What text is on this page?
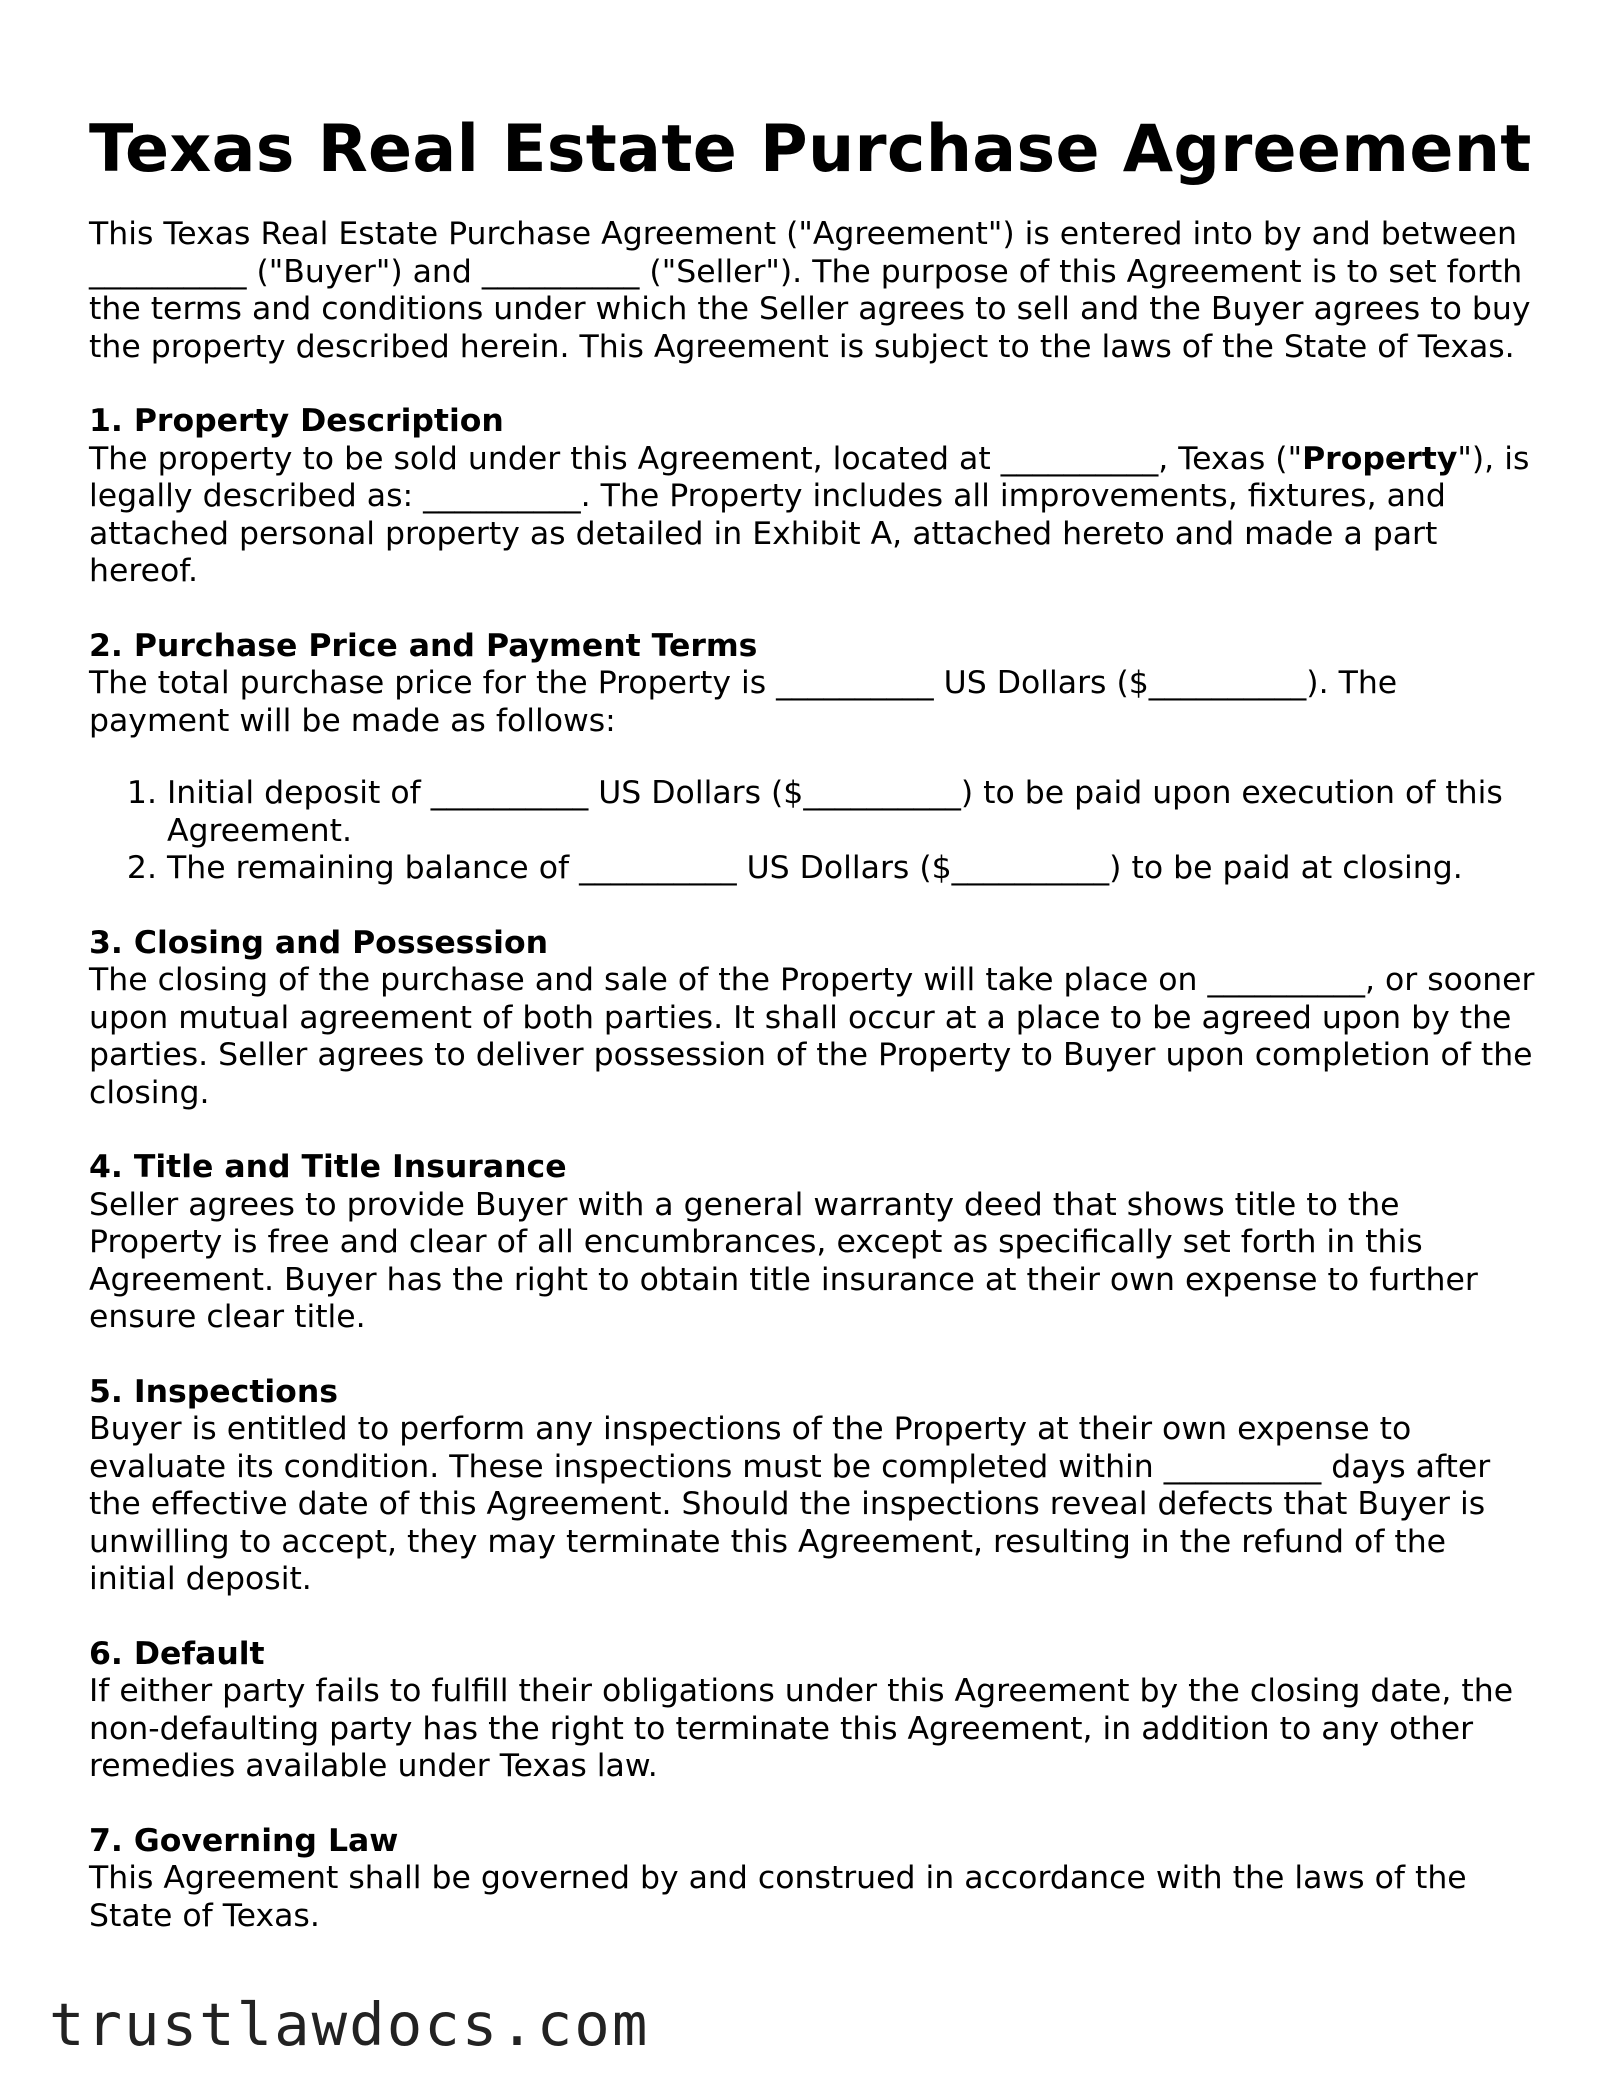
Texas Real Estate Purchase Agreement

This Texas Real Estate Purchase Agreement ("Agreement") is entered into by and between __________ ("Buyer") and __________ ("Seller"). The purpose of this Agreement is to set forth the terms and conditions under which the Seller agrees to sell and the Buyer agrees to buy the property described herein. This Agreement is subject to the laws of the State of Texas.

1. Property Description

The property to be sold under this Agreement, located at __________, Texas ("Property"), is legally described as: __________. The Property includes all improvements, fixtures, and attached personal property as detailed in Exhibit A, attached hereto and made a part hereof.

2. Purchase Price and Payment Terms

The total purchase price for the Property is __________ US Dollars ($__________). The payment will be made as follows:

1. Initial deposit of __________ US Dollars ($__________) to be paid upon execution of this Agreement.
2. The remaining balance of __________ US Dollars ($__________) to be paid at closing.
3. Closing and Possession

The closing of the purchase and sale of the Property will take place on __________, or sooner upon mutual agreement of both parties. It shall occur at a place to be agreed upon by the parties. Seller agrees to deliver possession of the Property to Buyer upon completion of the closing.

4. Title and Title Insurance

Seller agrees to provide Buyer with a general warranty deed that shows title to the Property is free and clear of all encumbrances, except as specifically set forth in this Agreement. Buyer has the right to obtain title insurance at their own expense to further ensure clear title.

5. Inspections

Buyer is entitled to perform any inspections of the Property at their own expense to evaluate its condition. These inspections must be completed within __________ days after the effective date of this Agreement. Should the inspections reveal defects that Buyer is unwilling to accept, they may terminate this Agreement, resulting in the refund of the initial deposit.

6. Default

If either party fails to fulfill their obligations under this Agreement by the closing date, the non-defaulting party has the right to terminate this Agreement, in addition to any other remedies available under Texas law.

7. Governing Law

This Agreement shall be governed by and construed in accordance with the laws of the State of Texas.

trustlawdocs.com
